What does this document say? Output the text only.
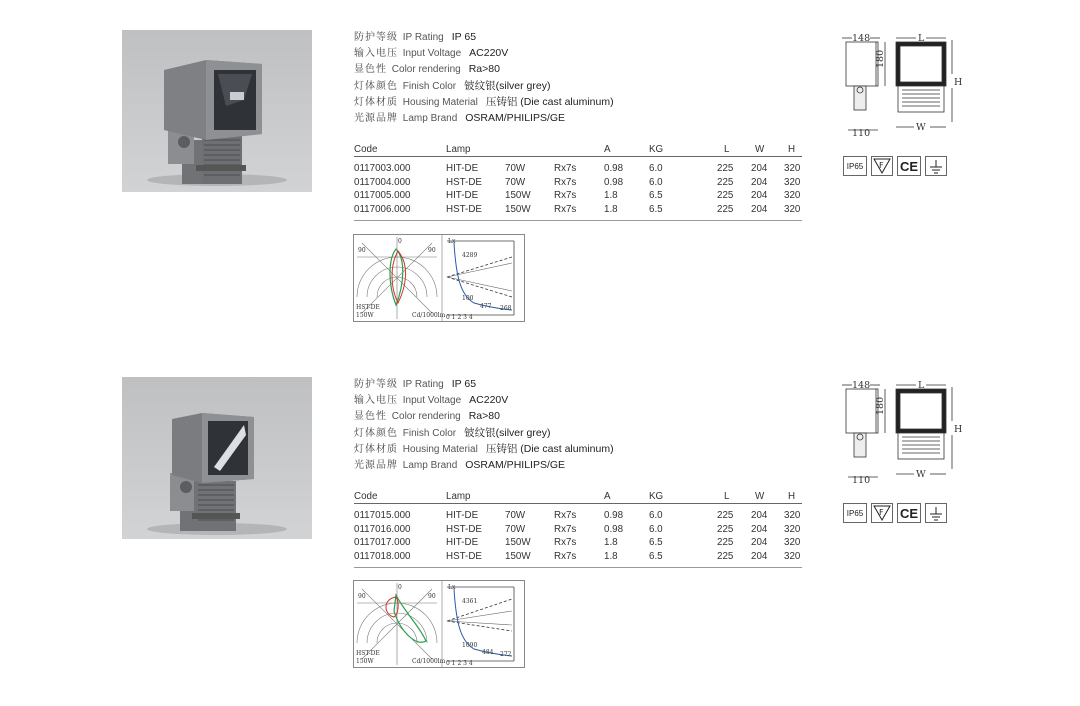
防护等级 IP Rating IP 65
输入电压 Input Voltage AC220V
显色性 Color rendering Ra>80
灯体颜色 Finish Color 铍纹银(silver grey)
灯体材质 Housing Material 压铸铝 (Die cast aluminum)
光源品牌 Lamp Brand OSRAM/PHILIPS/GE
Code	Lamp	A	KG	L	W H
0117003.000	HIT-DE	70W	Rx7s	0.98	6.0	225 204 320
0117004.000	HST-DE 70W	Rx7s	0.98	6.0	225 204 320
0117005.000	HIT-DE	150W Rx7s	1.8	6.5	225 204 320
0117006.000	HST-DE 150W Rx7s	1.8	6.5	225 204 320
90	90
0
HST-DE
150W	Cd/1000lm
Lx
4289
100
477 268
0 1 2 3 4
148
180
110
L
H
W
IP65	F CE
防护等级 IP Rating IP 65
输入电压 Input Voltage AC220V
显色性 Color rendering Ra>80
灯体颜色 Finish Color 铍纹银(silver grey)
灯体材质 Housing Material 压铸铝 (Die cast aluminum)
光源品牌 Lamp Brand OSRAM/PHILIPS/GE
Code	Lamp	A	KG	L	W H
0117015.000	HIT-DE	70W	Rx7s	0.98	6.0	225 204 320
0117016.000	HST-DE 70W	Rx7s	0.98	6.0	225 204 320
0117017.000	HIT-DE	150W Rx7s	1.8	6.5	225 204 320
0117018.000	HST-DE 150W Rx7s	1.8	6.5	225 204 320
90	90
0
HST-DE
150W	Cd/1000lm
Lx
4361
1090
484 272
0 1 2 3 4
148
180
110
L
H
W
IP65	F CE
